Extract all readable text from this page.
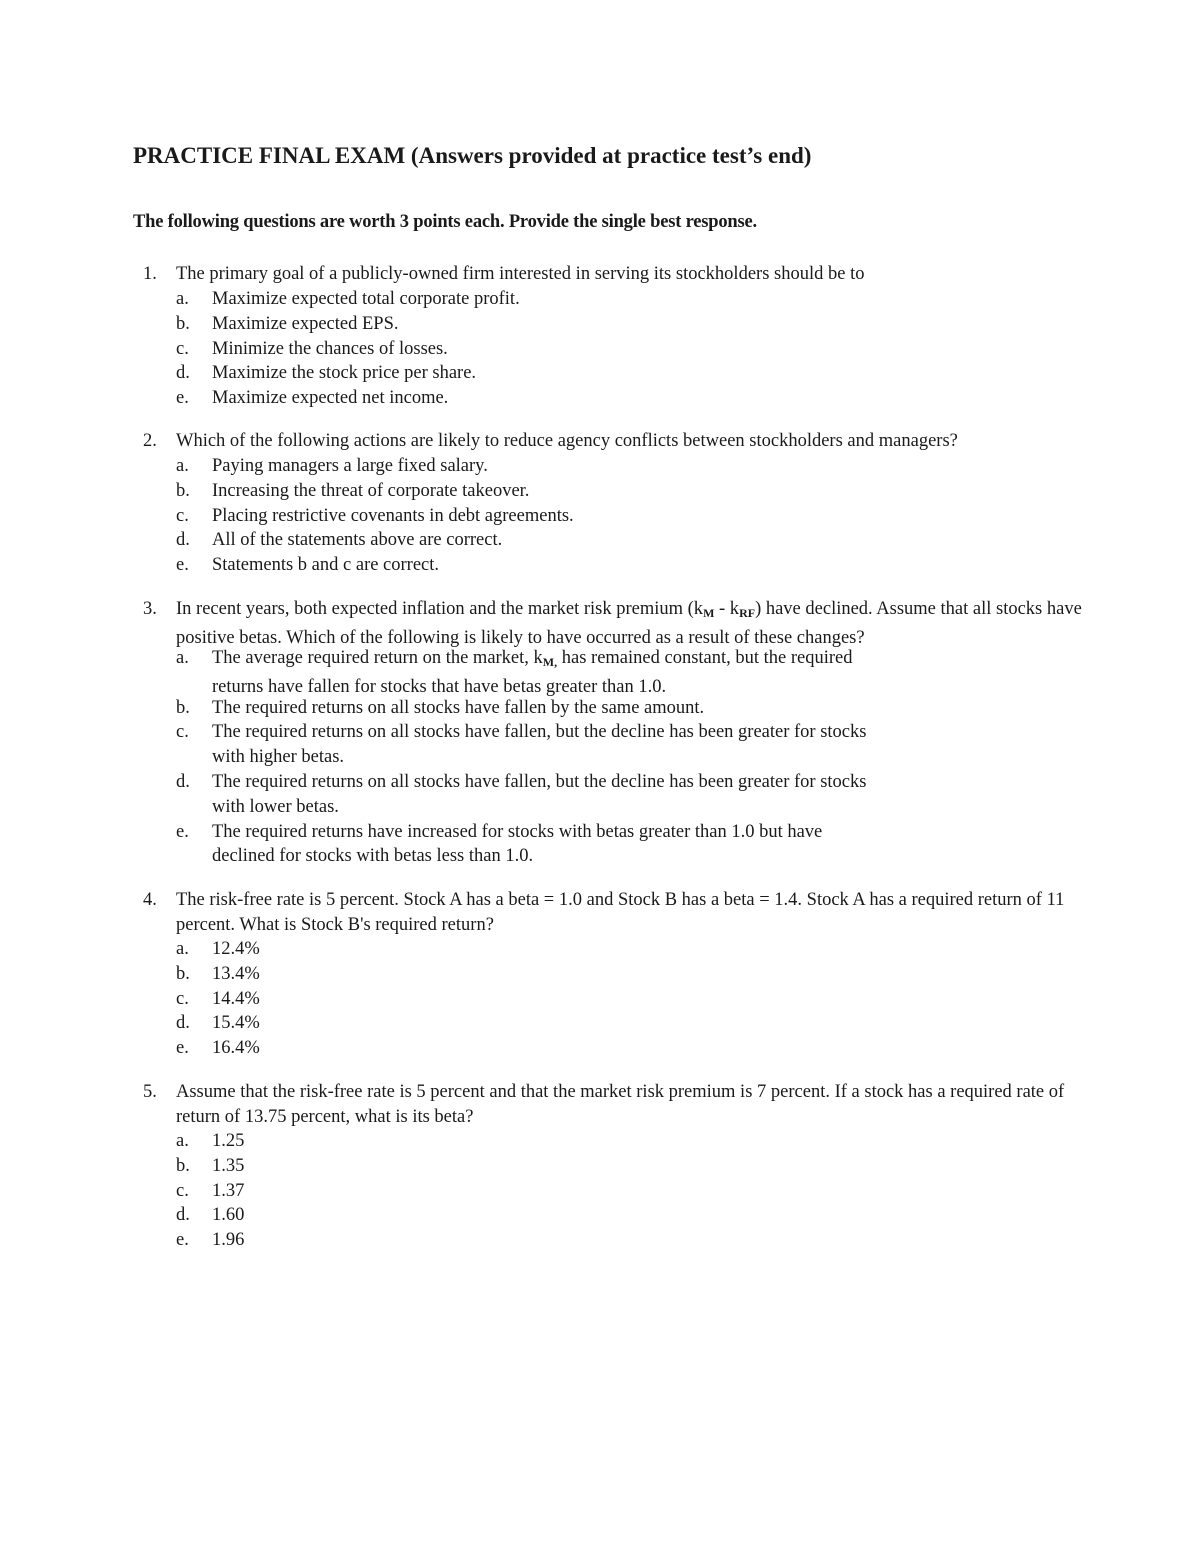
PRACTICE FINAL EXAM (Answers provided at practice test’s end)

The following questions are worth 3 points each. Provide the single best response.

1. The primary goal of a publicly-owned firm interested in serving its stockholders should be to

a. Maximize expected total corporate profit.
b. Maximize expected EPS.
c. Minimize the chances of losses.
d. Maximize the stock price per share.
e. Maximize expected net income.
2. Which of the following actions are likely to reduce agency conflicts between stockholders and managers?

a. Paying managers a large fixed salary.
b. Increasing the threat of corporate takeover.
c. Placing restrictive covenants in debt agreements.
d. All of the statements above are correct.
e. Statements b and c are correct.
3. In recent years, both expected inflation and the market risk premium $(k_M - k_{RF})$ have declined. Assume that all stocks have positive betas. Which of the following is likely to have occurred as a result of these changes?

a. The average required return on the market, $k_{M,}$ has remained constant, but the required
returns have fallen for stocks that have betas greater than 1.0.
b. The required returns on all stocks have fallen by the same amount.
c. The required returns on all stocks have fallen, but the decline has been greater for stocks
with higher betas.
d. The required returns on all stocks have fallen, but the decline has been greater for stocks
with lower betas.
e. The required returns have increased for stocks with betas greater than 1.0 but have
declined for stocks with betas less than 1.0.
4. The risk-free rate is 5 percent. Stock A has a beta = 1.0 and Stock B has a beta = 1.4. Stock A has a required return of 11 percent. What is Stock B's required return?

a. 12.4%
b. 13.4%
c. 14.4%
d. 15.4%
e. 16.4%
5. Assume that the risk-free rate is 5 percent and that the market risk premium is 7 percent. If a stock has a required rate of return of 13.75 percent, what is its beta?

a. 1.25
b. 1.35
c. 1.37
d. 1.60
e. 1.96
